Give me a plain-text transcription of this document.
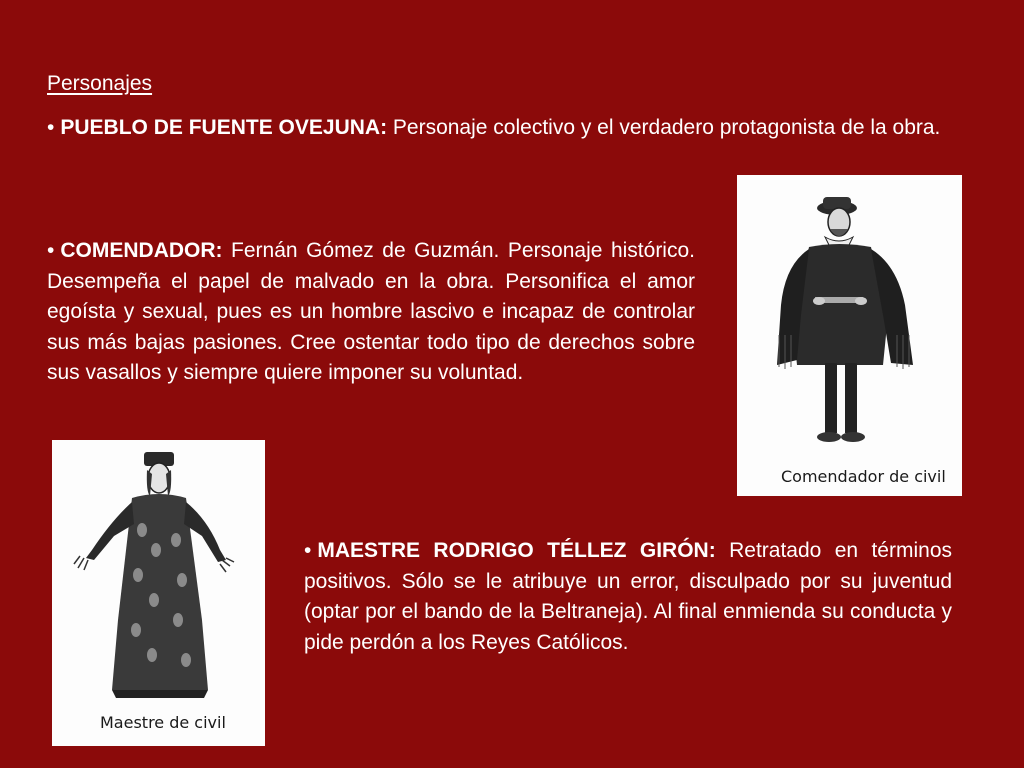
Personajes
• PUEBLO DE FUENTE OVEJUNA: Personaje colectivo y el verdadero protagonista de la obra.
• COMENDADOR: Fernán Gómez de Guzmán. Personaje histórico. Desempeña el papel de malvado en la obra. Personifica el amor egoísta y sexual, pues es un hombre lascivo e incapaz de controlar sus más bajas pasiones. Cree ostentar todo tipo de derechos sobre sus vasallos y siempre quiere imponer su voluntad.
• MAESTRE RODRIGO TÉLLEZ GIRÓN: Retratado en términos positivos. Sólo se le atribuye un error, disculpado por su juventud (optar por el bando de la Beltraneja). Al final enmienda su conducta y pide perdón a los Reyes Católicos.
Comendador de civil
Maestre de civil
